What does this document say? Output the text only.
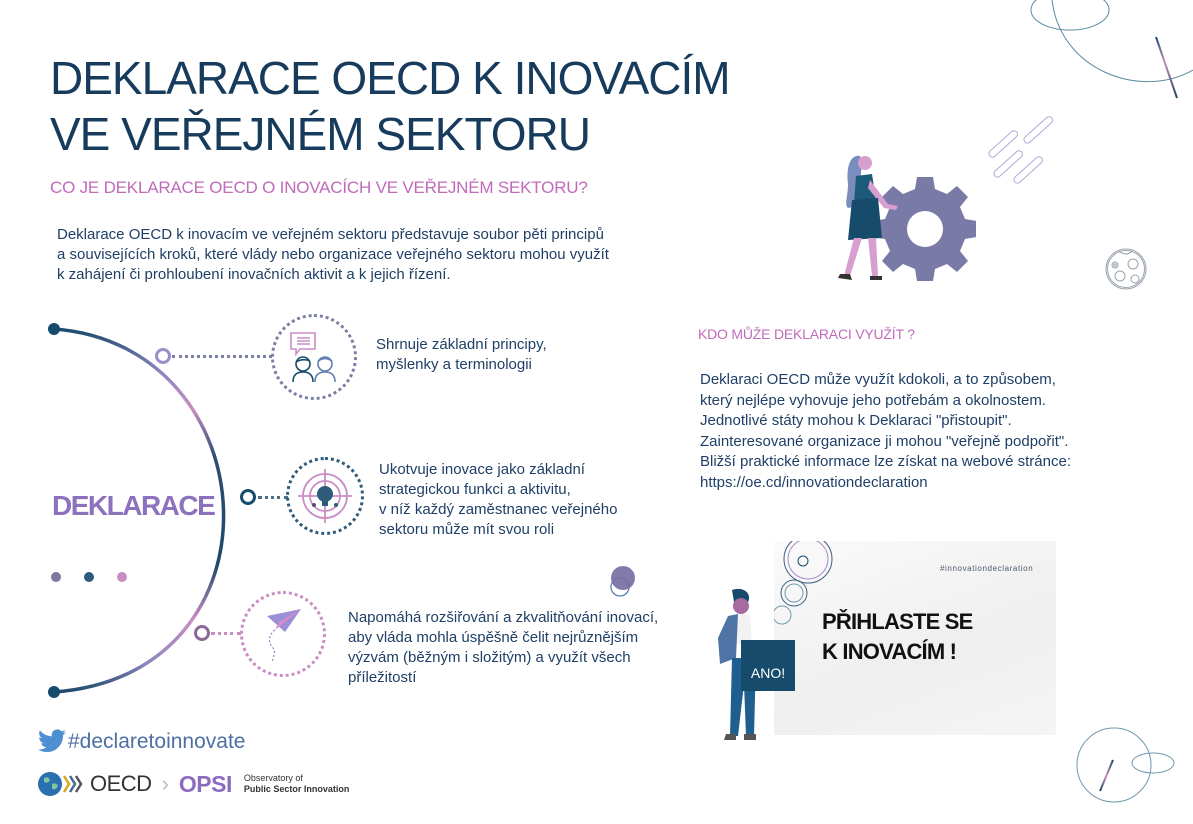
DEKLARACE OECD K INOVACÍM
VE VEŘEJNÉM SEKTORU
CO JE DEKLARACE OECD O INOVACÍCH VE VEŘEJNÉM SEKTORU?
Deklarace OECD k inovacím ve veřejném sektoru představuje soubor pěti principů
a souvisejících kroků, které vlády nebo organizace veřejného sektoru mohou využít
k zahájení či prohloubení inovačních aktivit a k jejich řízení.
Shrnuje základní principy,
myšlenky a terminologii
Ukotvuje inovace jako základní
strategickou funkci a aktivitu,
v níž každý zaměstnanec veřejného
sektoru může mít svou roli
DEKLARACE
Napomáhá rozšiřování a zkvalitňování inovací,
aby vláda mohla úspěšně čelit nejrůznějším
výzvám (běžným i složitým) a využít všech
příležitostí
KDO MŮŽE DEKLARACI VYUŽÍT ?
Deklaraci OECD může využít kdokoli, a to způsobem,
který nejlépe vyhovuje jeho potřebám a okolnostem.
Jednotlivé státy mohou k Deklaraci "přistoupit".
Zainteresované organizace ji mohou "veřejně podpořit".
Bližší praktické informace lze získat na webové stránce:
https://oe.cd/innovationdeclaration
#innovationdeclaration
PŘIHLASTE SE
K INOVACÍM !
ANO!
#declaretoinnovate
OECD › OPSI Observatory of
Public Sector Innovation
